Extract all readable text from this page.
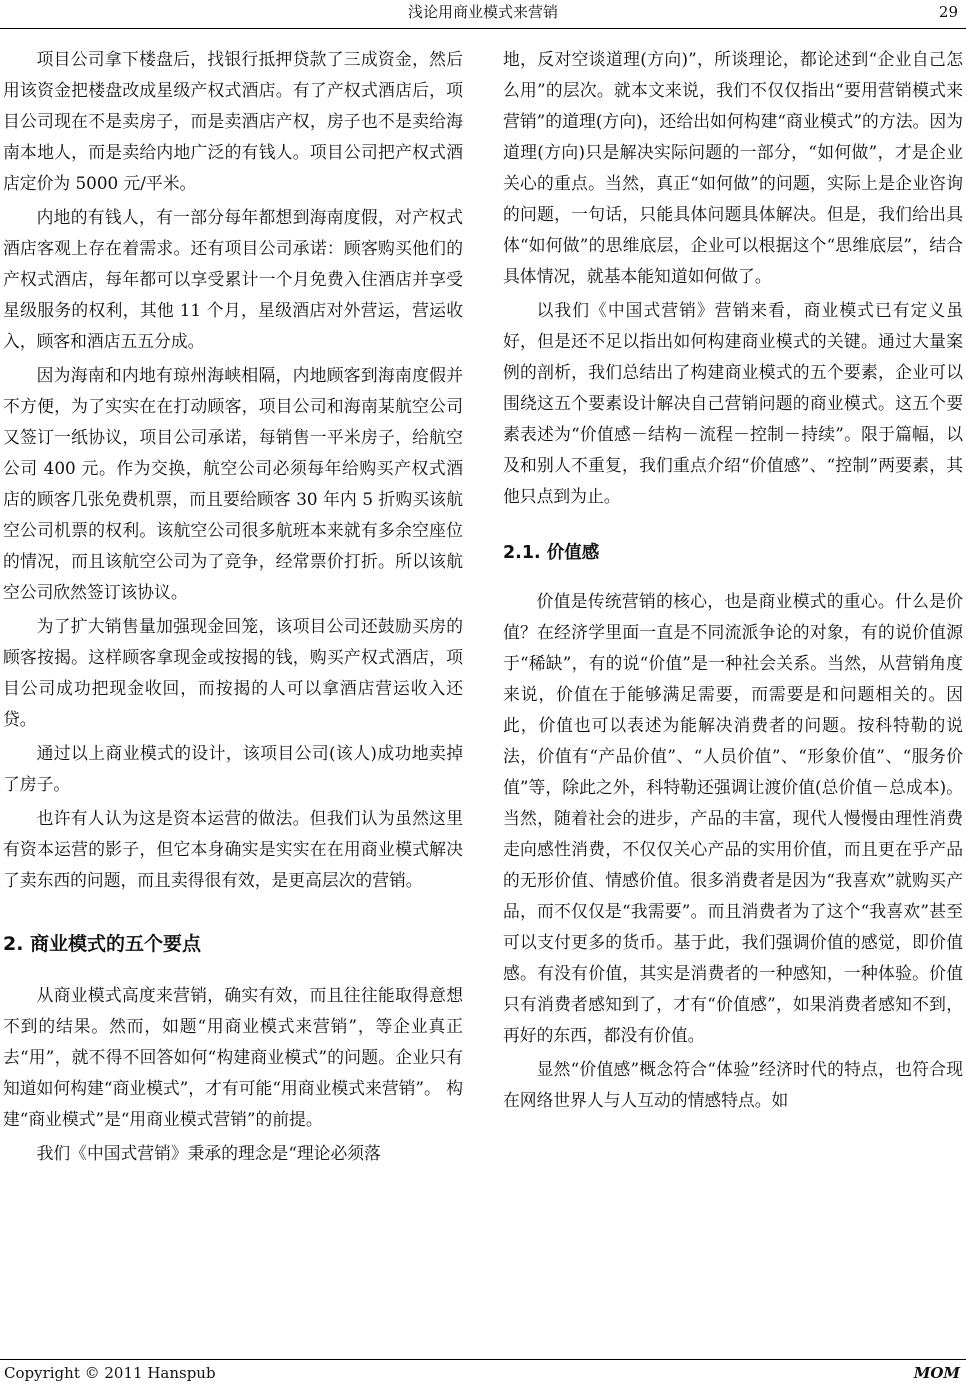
浅论用商业模式来营销	29

项目公司拿下楼盘后，找银行抵押贷款了三成资金，然后用该资金把楼盘改成星级产权式酒店。有了产权式酒店后，项目公司现在不是卖房子，而是卖酒店产权，房子也不是卖给海南本地人，而是卖给内地广泛的有钱人。项目公司把产权式酒店定价为 5000 元/平米。

内地的有钱人，有一部分每年都想到海南度假，对产权式酒店客观上存在着需求。还有项目公司承诺：顾客购买他们的产权式酒店，每年都可以享受累计一个月免费入住酒店并享受星级服务的权利，其他 11 个月，星级酒店对外营运，营运收入，顾客和酒店五五分成。

因为海南和内地有琼州海峡相隔，内地顾客到海南度假并不方便，为了实实在在打动顾客，项目公司和海南某航空公司又签订一纸协议，项目公司承诺，每销售一平米房子，给航空公司 400 元。作为交换，航空公司必须每年给购买产权式酒店的顾客几张免费机票，而且要给顾客 30 年内 5 折购买该航空公司机票的权利。该航空公司很多航班本来就有多余空座位的情况，而且该航空公司为了竞争，经常票价打折。所以该航空公司欣然签订该协议。

为了扩大销售量加强现金回笼，该项目公司还鼓励买房的顾客按揭。这样顾客拿现金或按揭的钱，购买产权式酒店，项目公司成功把现金收回，而按揭的人可以拿酒店营运收入还贷。

通过以上商业模式的设计，该项目公司(该人)成功地卖掉了房子。

也许有人认为这是资本运营的做法。但我们认为虽然这里有资本运营的影子，但它本身确实是实实在在用商业模式解决了卖东西的问题，而且卖得很有效，是更高层次的营销。

2. 商业模式的五个要点

从商业模式高度来营销，确实有效，而且往往能取得意想不到的结果。然而，如题“用商业模式来营销”，等企业真正去“用”，就不得不回答如何“构建商业模式”的问题。企业只有知道如何构建“商业模式”，才有可能“用商业模式来营销”。 构建“商业模式”是“用商业模式营销”的前提。

我们《中国式营销》秉承的理念是“理论必须落

地，反对空谈道理(方向)”，所谈理论，都论述到“企业自己怎么用”的层次。就本文来说，我们不仅仅指出“要用营销模式来营销”的道理(方向)，还给出如何构建“商业模式”的方法。因为道理(方向)只是解决实际问题的一部分，“如何做”，才是企业关心的重点。当然，真正“如何做”的问题，实际上是企业咨询的问题，一句话，只能具体问题具体解决。但是，我们给出具体“如何做”的思维底层，企业可以根据这个“思维底层”，结合具体情况，就基本能知道如何做了。

以我们《中国式营销》营销来看，商业模式已有定义虽好，但是还不足以指出如何构建商业模式的关键。通过大量案例的剖析，我们总结出了构建商业模式的五个要素，企业可以围绕这五个要素设计解决自己营销问题的商业模式。这五个要素表述为“价值感－结构－流程－控制－持续”。限于篇幅，以及和别人不重复，我们重点介绍“价值感”、“控制”两要素，其他只点到为止。

2.1. 价值感

价值是传统营销的核心，也是商业模式的重心。什么是价值？在经济学里面一直是不同流派争论的对象，有的说价值源于“稀缺”，有的说“价值”是一种社会关系。当然，从营销角度来说，价值在于能够满足需要，而需要是和问题相关的。因此，价值也可以表述为能解决消费者的问题。按科特勒的说法，价值有“产品价值”、“人员价值”、“形象价值”、“服务价值”等，除此之外，科特勒还强调让渡价值(总价值－总成本)。当然，随着社会的进步，产品的丰富，现代人慢慢由理性消费走向感性消费，不仅仅关心产品的实用价值，而且更在乎产品的无形价值、情感价值。很多消费者是因为“我喜欢”就购买产品，而不仅仅是“我需要”。而且消费者为了这个“我喜欢”甚至可以支付更多的货币。基于此，我们强调价值的感觉，即价值感。有没有价值，其实是消费者的一种感知，一种体验。价值只有消费者感知到了，才有“价值感”，如果消费者感知不到，再好的东西，都没有价值。

显然“价值感”概念符合“体验”经济时代的特点，也符合现在网络世界人与人互动的情感特点。如

Copyright © 2011 Hanspub	MOM
